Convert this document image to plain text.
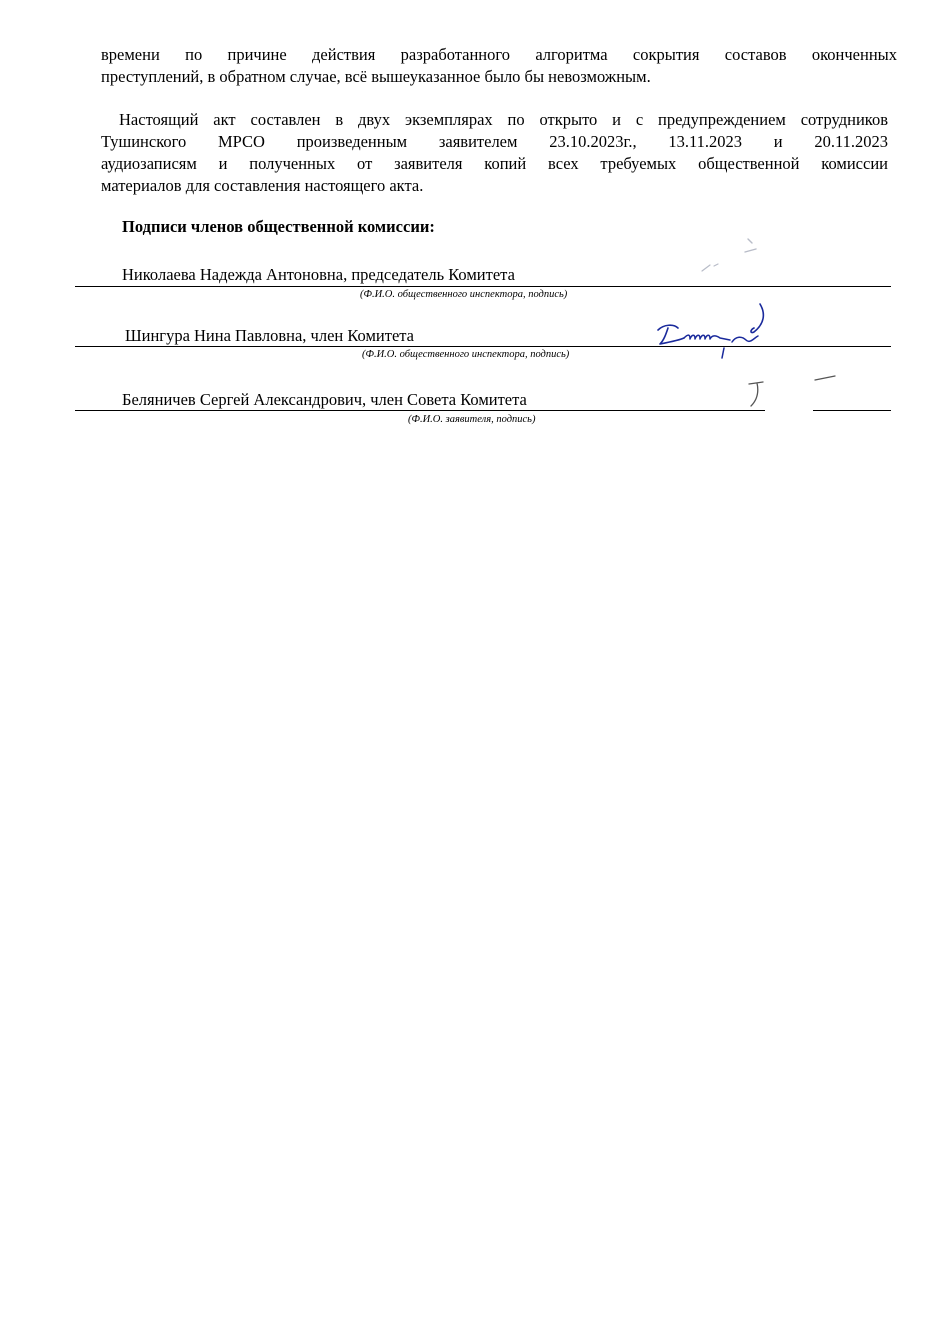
времени по причине действия разработанного алгоритма сокрытия составов оконченных
преступлений, в обратном случае, всё вышеуказанное было бы невозможным.
Настоящий акт составлен в двух экземплярах по открыто и с предупреждением сотрудников
Тушинского МРСО произведенным заявителем 23.10.2023г., 13.11.2023 и 20.11.2023
аудиозаписям и полученных от заявителя копий всех требуемых общественной комиссии
материалов для составления настоящего акта.
Подписи членов общественной комиссии:
Николаева Надежда Антоновна, председатель Комитета
(Ф.И.О. общественного инспектора, подпись)
Шингура Нина Павловна, член Комитета
(Ф.И.О. общественного инспектора, подпись)
Беляничев Сергей Александрович, член Совета Комитета
(Ф.И.О. заявителя, подпись)
